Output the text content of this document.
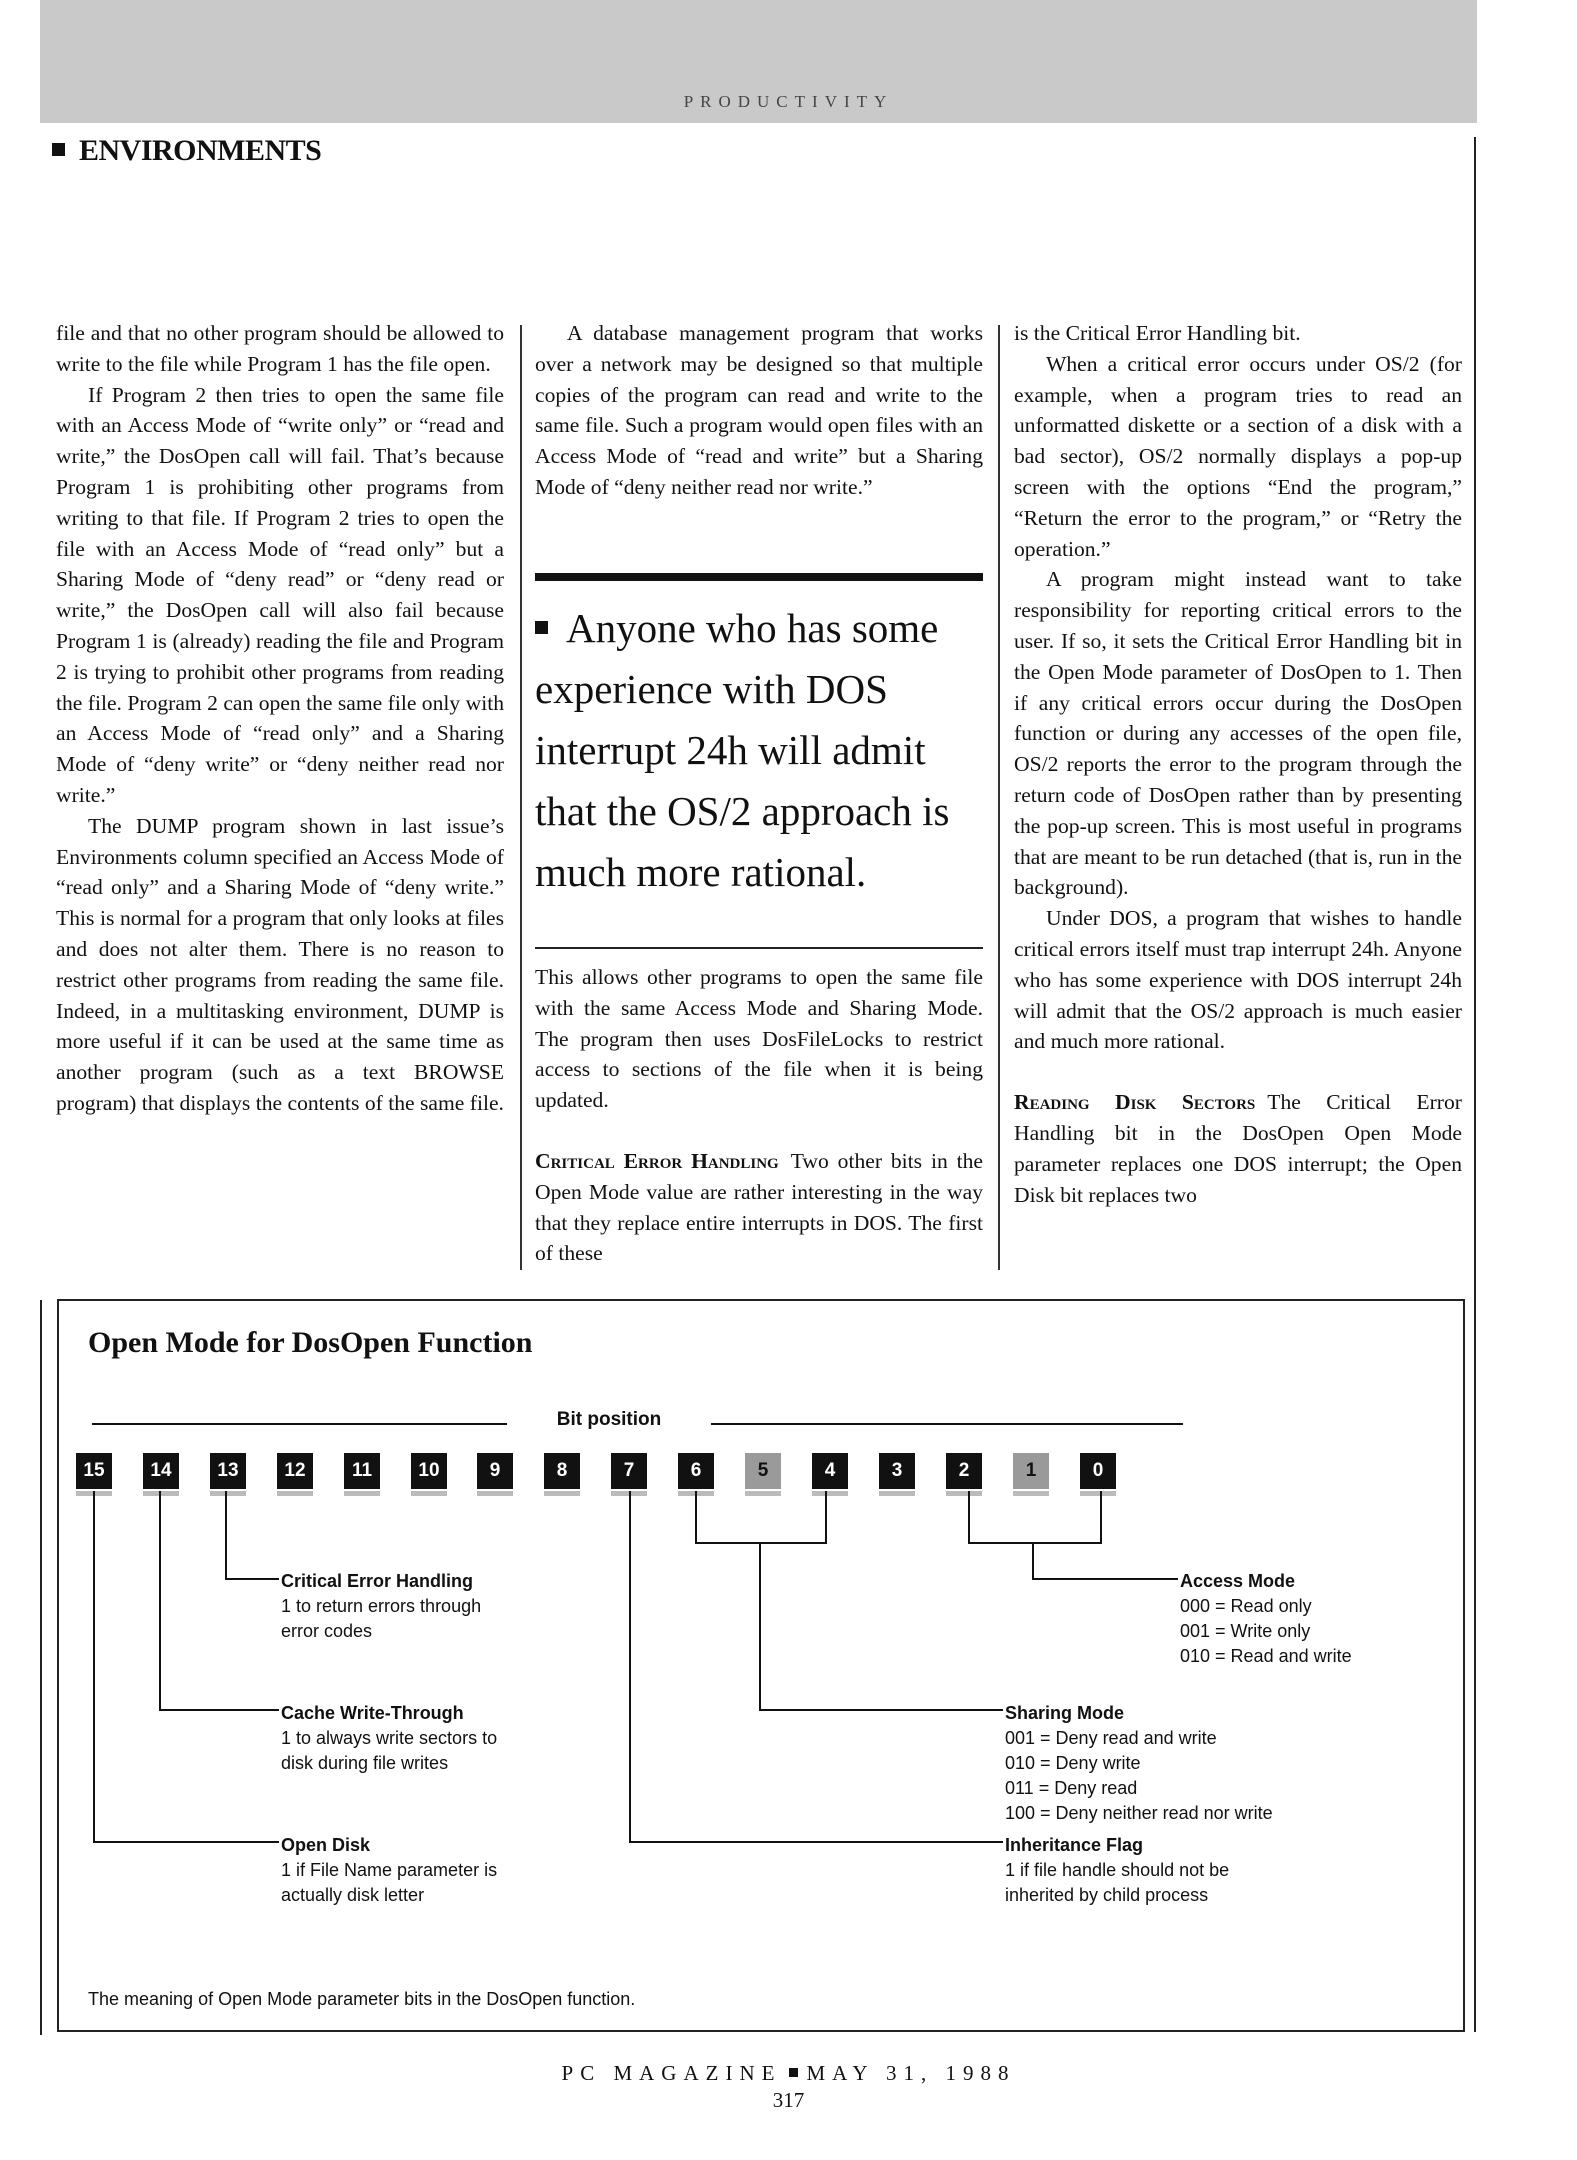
PRODUCTIVITY
ENVIRONMENTS

file and that no other program should be allowed to write to the file while Program 1 has the file open.

If Program 2 then tries to open the same file with an Access Mode of “write only” or “read and write,” the DosOpen call will fail. That’s because Program 1 is prohibiting other programs from writing to that file. If Program 2 tries to open the file with an Access Mode of “read only” but a Sharing Mode of “deny read” or “deny read or write,” the DosOpen call will also fail because Program 1 is (already) reading the file and Program 2 is trying to prohibit other programs from reading the file. Program 2 can open the same file only with an Access Mode of “read only” and a Sharing Mode of “deny write” or “deny neither read nor write.”

The DUMP program shown in last issue’s Environments column specified an Access Mode of “read only” and a Sharing Mode of “deny write.” This is normal for a program that only looks at files and does not alter them. There is no reason to restrict other programs from reading the same file. Indeed, in a multitasking environment, DUMP is more useful if it can be used at the same time as another program (such as a text BROWSE program) that displays the contents of the same file.

A database management program that works over a network may be designed so that multiple copies of the program can read and write to the same file. Such a program would open files with an Access Mode of “read and write” but a Sharing Mode of “deny neither read nor write.”

Anyone who has some experience with DOS interrupt 24h will admit that the OS/2 approach is much more rational.

This allows other programs to open the same file with the same Access Mode and Sharing Mode. The program then uses DosFileLocks to restrict access to sections of the file when it is being updated.

Critical Error Handling Two other bits in the Open Mode value are rather interesting in the way that they replace entire interrupts in DOS. The first of these

is the Critical Error Handling bit.

When a critical error occurs under OS/2 (for example, when a program tries to read an unformatted diskette or a section of a disk with a bad sector), OS/2 normally displays a pop-up screen with the options “End the program,” “Return the error to the program,” or “Retry the operation.”

A program might instead want to take responsibility for reporting critical errors to the user. If so, it sets the Critical Error Handling bit in the Open Mode parameter of DosOpen to 1. Then if any critical errors occur during the DosOpen function or during any accesses of the open file, OS/2 reports the error to the program through the return code of DosOpen rather than by presenting the pop-up screen. This is most useful in programs that are meant to be run detached (that is, run in the background).

Under DOS, a program that wishes to handle critical errors itself must trap interrupt 24h. Anyone who has some experience with DOS interrupt 24h will admit that the OS/2 approach is much easier and much more rational.

Reading Disk Sectors The Critical Error Handling bit in the DosOpen Open Mode parameter replaces one DOS interrupt; the Open Disk bit replaces two

Open Mode for DosOpen Function
Bit position
15	14	13	12	11	10	9	8	7	6	5	4	3	2	1	0
Critical Error Handling
1 to return errors through
error codes
Cache Write-Through
1 to always write sectors to
disk during file writes
Open Disk
1 if File Name parameter is
actually disk letter
Access Mode
000 = Read only
001 = Write only
010 = Read and write
Sharing Mode
001 = Deny read and write
010 = Deny write
011 = Deny read
100 = Deny neither read nor write
Inheritance Flag
1 if file handle should not be
inherited by child process
The meaning of Open Mode parameter bits in the DosOpen function.
PC MAGAZINE MAY 31, 1988
317
